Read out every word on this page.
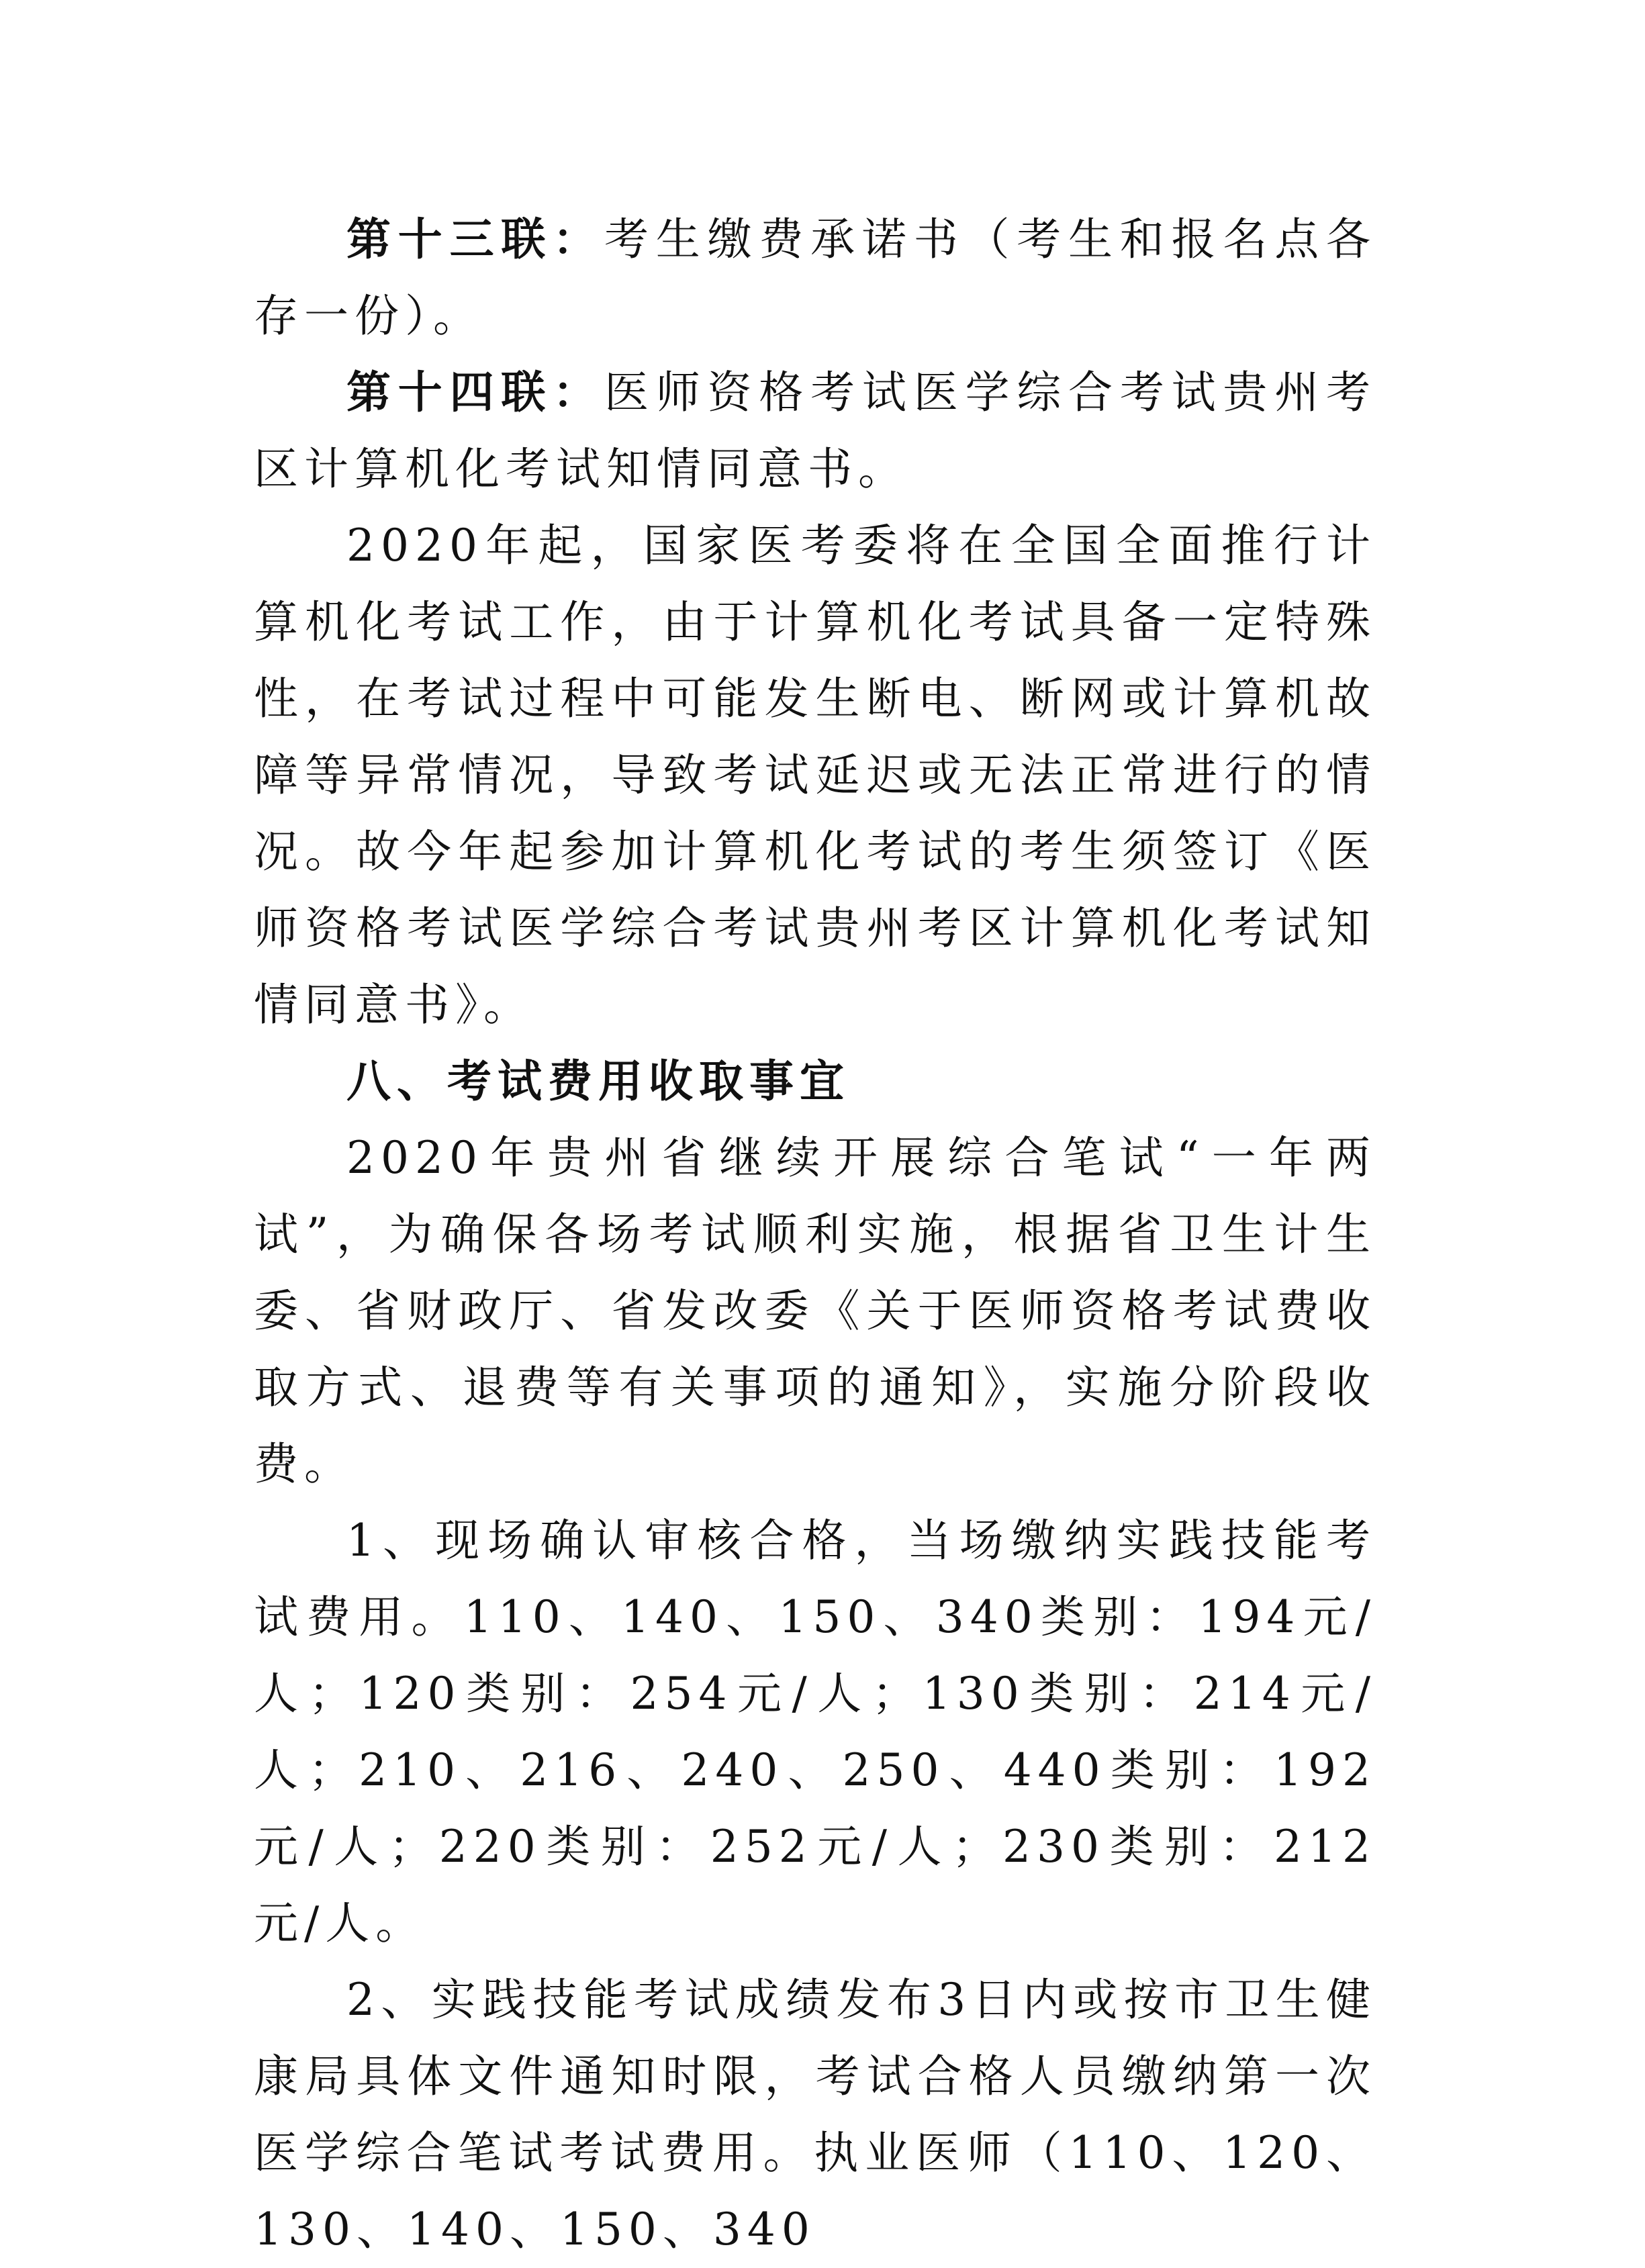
第十三联：考生缴费承诺书（考生和报名点各存一份）。

第十四联：医师资格考试医学综合考试贵州考区计算机化考试知情同意书。

2020年起，国家医考委将在全国全面推行计算机化考试工作，由于计算机化考试具备一定特殊性，在考试过程中可能发生断电、断网或计算机故障等异常情况，导致考试延迟或无法正常进行的情况。故今年起参加计算机化考试的考生须签订《医师资格考试医学综合考试贵州考区计算机化考试知情同意书》。

八、考试费用收取事宜

2020年贵州省继续开展综合笔试“一年两试”，为确保各场考试顺利实施，根据省卫生计生委、省财政厅、省发改委《关于医师资格考试费收取方式、退费等有关事项的通知》，实施分阶段收费。

1、现场确认审核合格，当场缴纳实践技能考试费用。110、140、150、340类别：194元/人；120类别：254元/人；130类别：214元/人；210、216、240、250、440类别：192元/人；220类别：252元/人；230类别：212元/人。

2、实践技能考试成绩发布3日内或按市卫生健康局具体文件通知时限，考试合格人员缴纳第一次医学综合笔试考试费用。执业医师（110、120、130、140、150、340
